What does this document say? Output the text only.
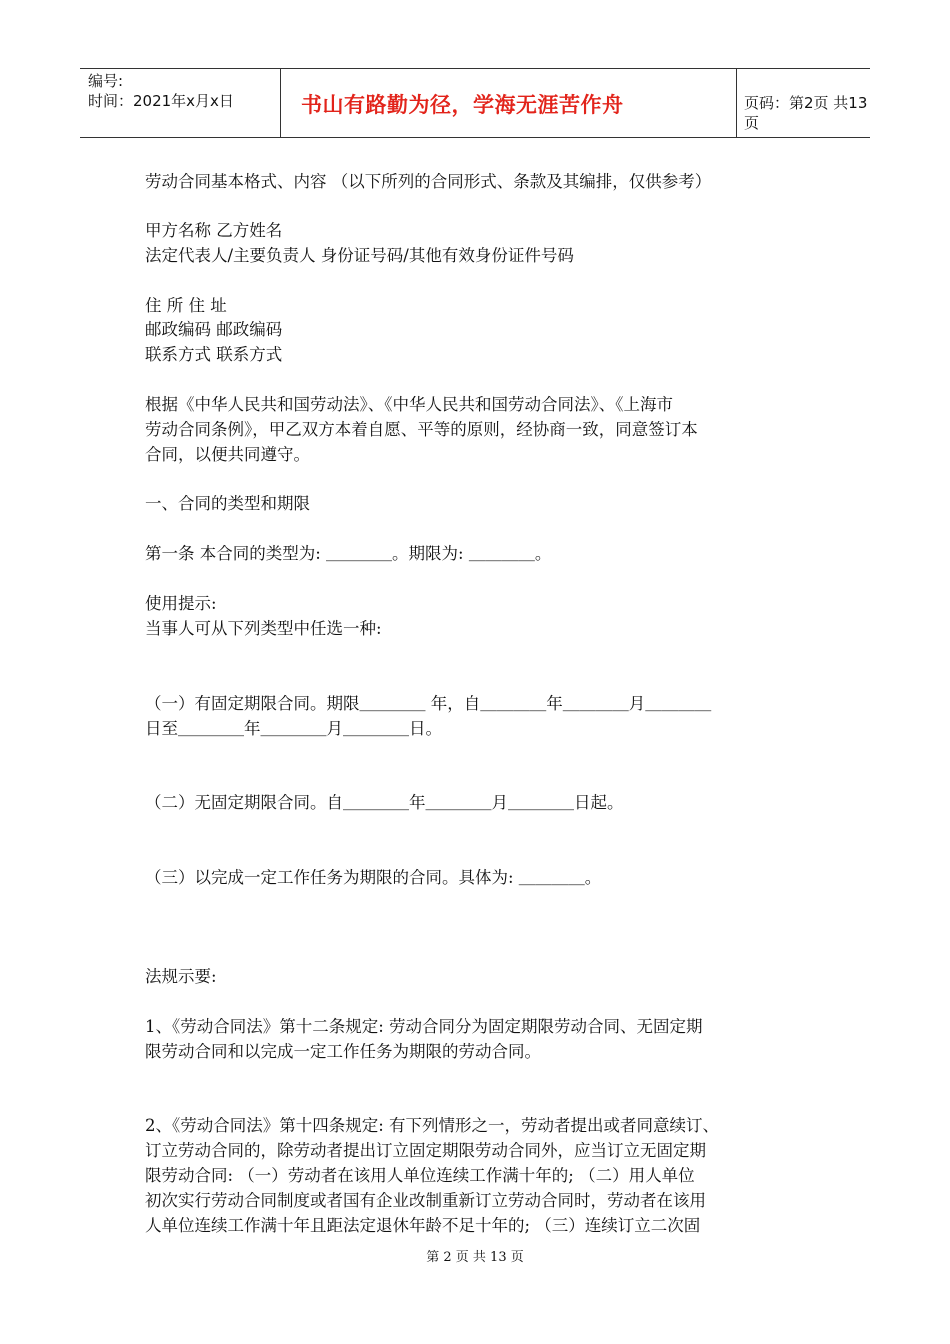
编号:
时间：2021年x月x日	书山有路勤为径，学海无涯苦作舟	页码：第2页 共13页
劳动合同基本格式、内容 （以下所列的合同形式、条款及其编排，仅供参考）
甲方名称 乙方姓名
法定代表人/主要负责人 身份证号码/其他有效身份证件号码
住 所 住 址
邮政编码 邮政编码
联系方式 联系方式
根据《中华人民共和国劳动法》、《中华人民共和国劳动合同法》、《上海市
劳动合同条例》，甲乙双方本着自愿、平等的原则，经协商一致，同意签订本
合同，以便共同遵守。
一、合同的类型和期限
第一条 本合同的类型为: ＿＿＿＿。期限为: ＿＿＿＿。
使用提示:
当事人可从下列类型中任选一种:
（一）有固定期限合同。期限＿＿＿＿ 年，自＿＿＿＿年＿＿＿＿月＿＿＿＿
日至＿＿＿＿年＿＿＿＿月＿＿＿＿日。
（二）无固定期限合同。自＿＿＿＿年＿＿＿＿月＿＿＿＿日起。
（三）以完成一定工作任务为期限的合同。具体为: ＿＿＿＿。
法规示要:
1、《劳动合同法》第十二条规定: 劳动合同分为固定期限劳动合同、无固定期
限劳动合同和以完成一定工作任务为期限的劳动合同。
2、《劳动合同法》第十四条规定: 有下列情形之一，劳动者提出或者同意续订、
订立劳动合同的，除劳动者提出订立固定期限劳动合同外，应当订立无固定期
限劳动合同: （一）劳动者在该用人单位连续工作满十年的; （二）用人单位
初次实行劳动合同制度或者国有企业改制重新订立劳动合同时，劳动者在该用
人单位连续工作满十年且距法定退休年龄不足十年的; （三）连续订立二次固
第 2 页 共 13 页
